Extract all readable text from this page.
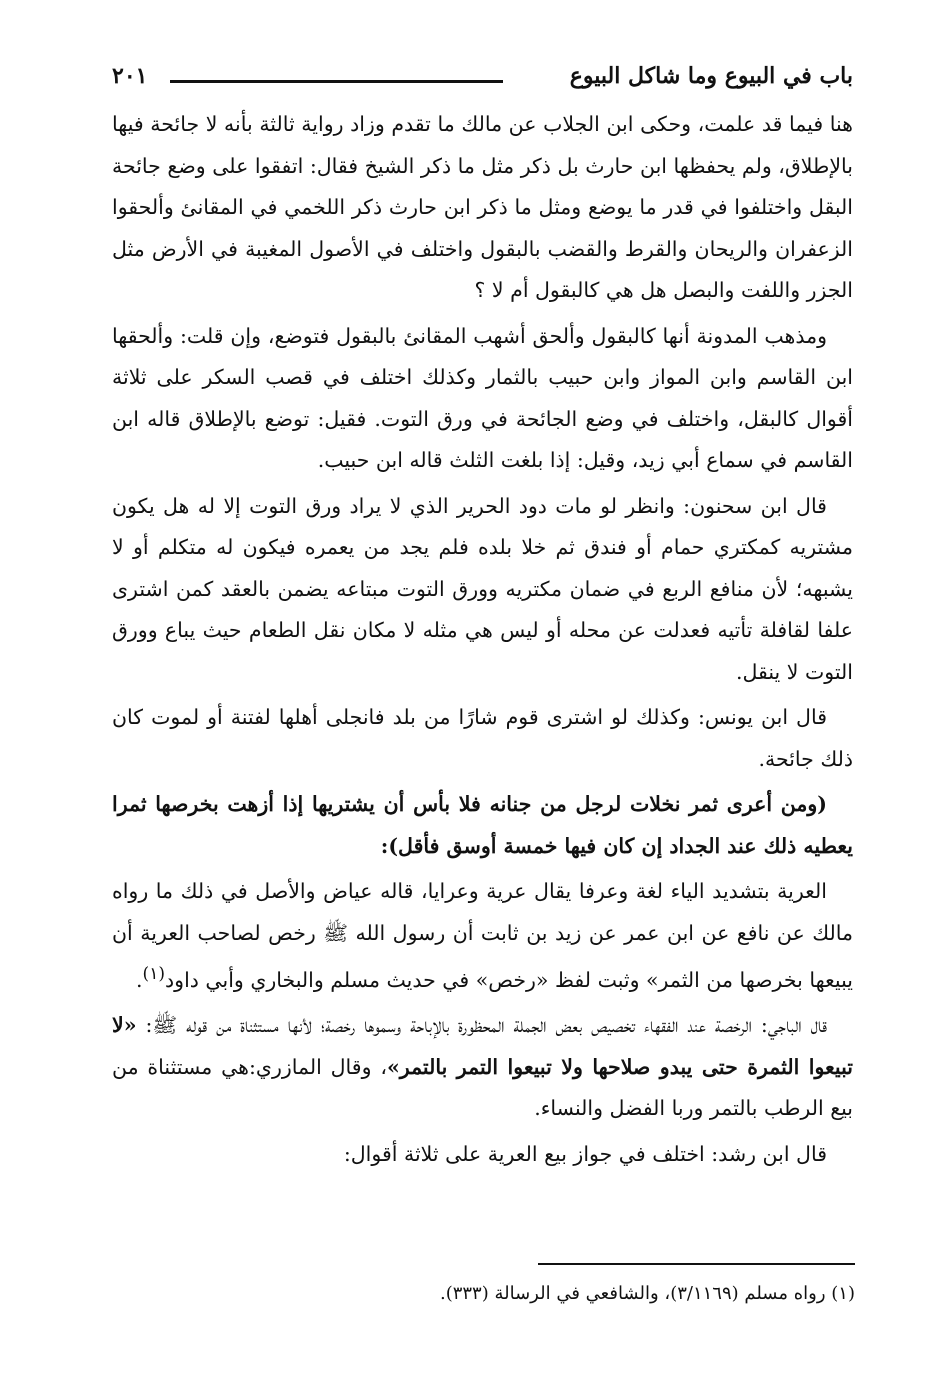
باب في البيوع وما شاكل البيوع
٢٠١

هنا فيما قد علمت، وحكى ابن الجلاب عن مالك ما تقدم وزاد رواية ثالثة بأنه لا جائحة فيها بالإطلاق، ولم يحفظها ابن حارث بل ذكر مثل ما ذكر الشيخ فقال: اتفقوا على وضع جائحة البقل واختلفوا في قدر ما يوضع ومثل ما ذكر ابن حارث ذكر اللخمي في المقانئ وألحقوا الزعفران والريحان والقرط والقضب بالبقول واختلف في الأصول المغيبة في الأرض مثل الجزر واللفت والبصل هل هي كالبقول أم لا ؟

ومذهب المدونة أنها كالبقول وألحق أشهب المقانئ بالبقول فتوضع، وإن قلت: وألحقها ابن القاسم وابن المواز وابن حبيب بالثمار وكذلك اختلف في قصب السكر على ثلاثة أقوال كالبقل، واختلف في وضع الجائحة في ورق التوت. فقيل: توضع بالإطلاق قاله ابن القاسم في سماع أبي زيد، وقيل: إذا بلغت الثلث قاله ابن حبيب.

قال ابن سحنون: وانظر لو مات دود الحرير الذي لا يراد ورق التوت إلا له هل يكون مشتريه كمكتري حمام أو فندق ثم خلا بلده فلم يجد من يعمره فيكون له متكلم أو لا يشبهه؛ لأن منافع الربع في ضمان مكتريه وورق التوت مبتاعه يضمن بالعقد كمن اشترى علفا لقافلة تأتيه فعدلت عن محله أو ليس هي مثله لا مكان نقل الطعام حيث يباع وورق التوت لا ينقل.

قال ابن يونس: وكذلك لو اشترى قوم شارًا من بلد فانجلى أهلها لفتنة أو لموت كان ذلك جائحة.

(ومن أعرى ثمر نخلات لرجل من جنانه فلا بأس أن يشتريها إذا أزهت بخرصها ثمرا يعطيه ذلك عند الجداد إن كان فيها خمسة أوسق فأقل):

العرية بتشديد الياء لغة وعرفا يقال عرية وعرايا، قاله عياض والأصل في ذلك ما رواه مالك عن نافع عن ابن عمر عن زيد بن ثابت أن رسول الله ﷺ رخص لصاحب العرية أن يبيعها بخرصها من الثمر» وثبت لفظ «رخص» في حديث مسلم والبخاري وأبي داود$^{(١)}$.

قال الباجي: الرخصة عند الفقهاء تخصيص بعض الجملة المحظورة بالإباحة وسموها رخصة؛ لأنها مستثناة من قوله ﷺ: «لا تبيعوا الثمرة حتى يبدو صلاحها ولا تبيعوا التمر بالتمر»، وقال المازري:هي مستثناة من بيع الرطب بالتمر وربا الفضل والنساء.

قال ابن رشد: اختلف في جواز بيع العرية على ثلاثة أقوال:

(١) رواه مسلم (٣/١١٦٩)، والشافعي في الرسالة (٣٣٣).
